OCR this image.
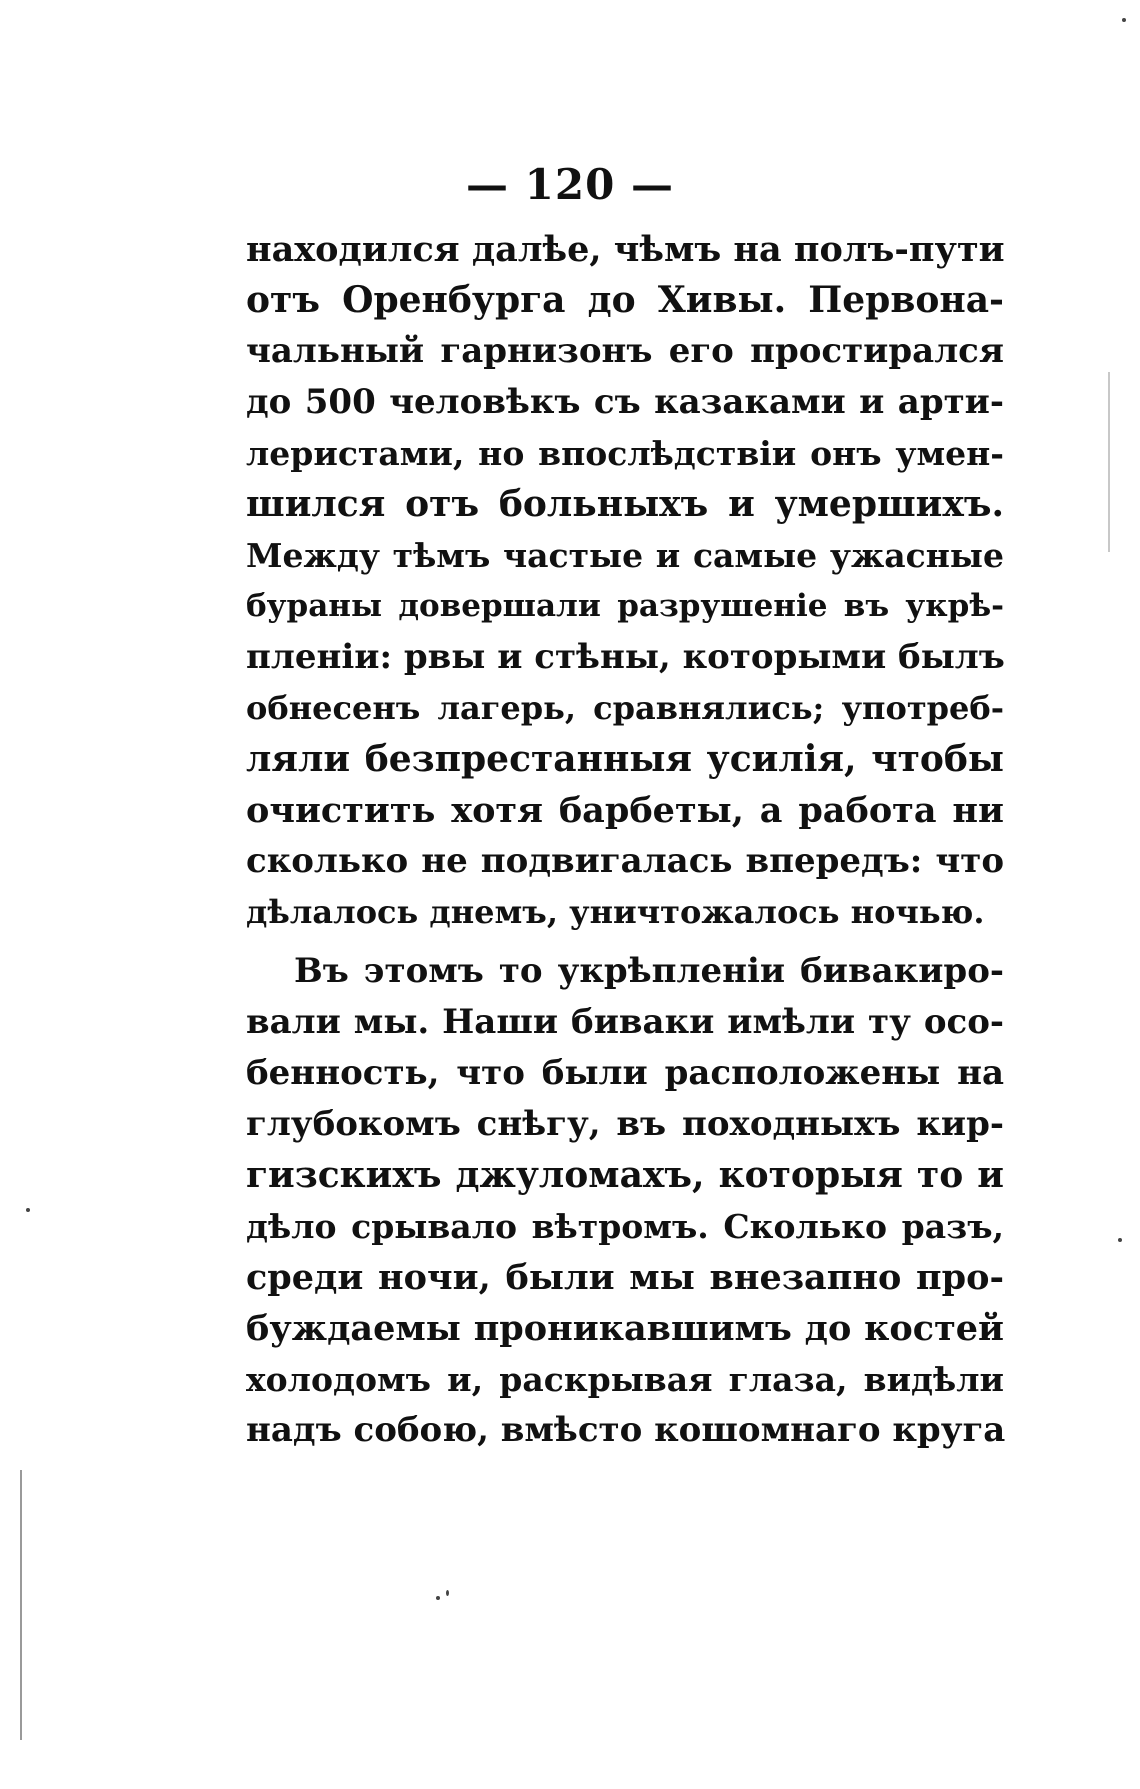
— 120 —
находился далѣе, чѣмъ на полъ-пути
отъ Оренбурга до Хивы. Первона-
чальный гарнизонъ его простирался
до 500 человѣкъ съ казаками и арти-
леристами, но впослѣдствіи онъ умен-
шился отъ больныхъ и умершихъ.
Между тѣмъ частые и самые ужасные
бураны довершали разрушеніе въ укрѣ-
пленіи: рвы и стѣны, которыми былъ
обнесенъ лагерь, сравнялись; употреб-
ляли безпрестанныя усилія, чтобы
очистить хотя барбеты, а работа ни
сколько не подвигалась впередъ: что
дѣлалось днемъ, уничтожалось ночью.
Въ этомъ то укрѣпленіи бивакиро-
вали мы. Наши биваки имѣли ту осо-
бенность, что были расположены на
глубокомъ снѣгу, въ походныхъ кир-
гизскихъ джуломахъ, которыя то и
дѣло срывало вѣтромъ. Сколько разъ,
среди ночи, были мы внезапно про-
буждаемы проникавшимъ до костей
холодомъ и, раскрывая глаза, видѣли
надъ собою, вмѣсто кошомнаго круга
